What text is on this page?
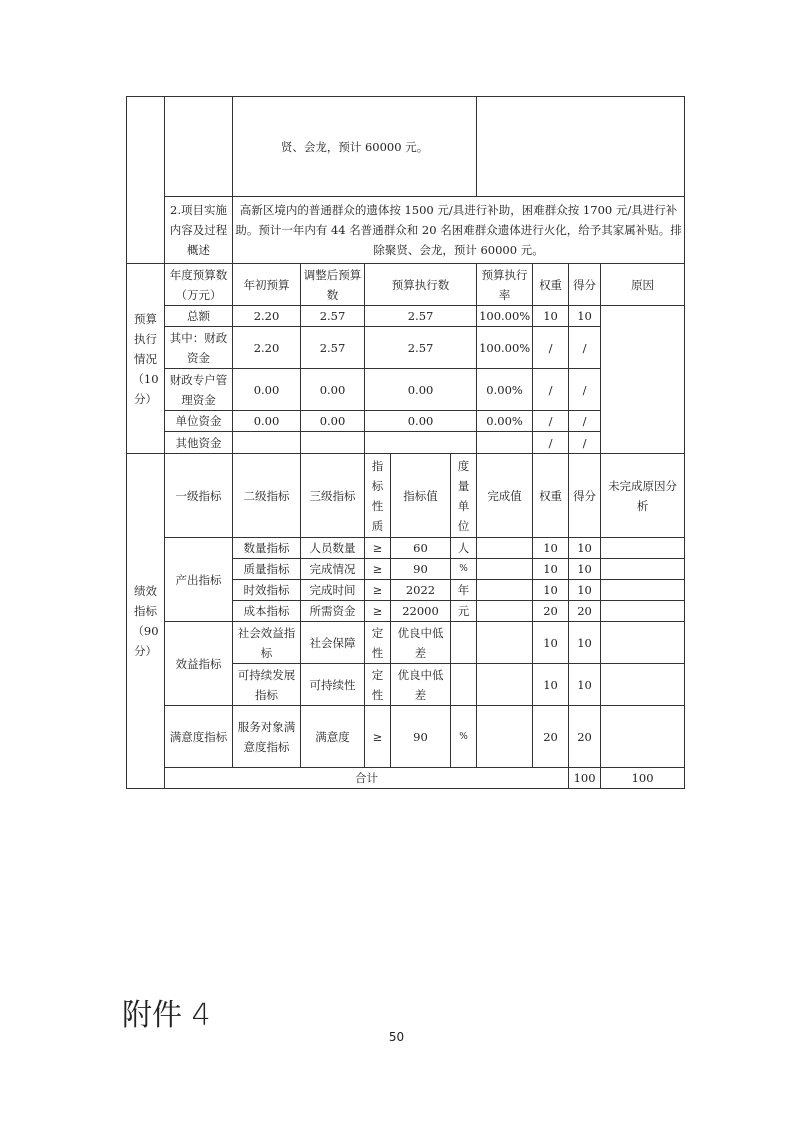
		贤、会龙，预计 60000 元。									
	2.项目实施内容及过程概述	高新区境内的普通群众的遗体按 1500 元/具进行补助，困难群众按 1700 元/具进行补助。预计一年内有 44 名普通群众和 20 名困难群众遗体进行火化，给予其家属补贴。排除聚贤、会龙，预计 60000 元。									
预算执行情况（10分）	年度预算数（万元）	年初预算	调整后预算数	预算执行数			预算执行率	权重	得分	原因	
	总额	2.20	2.57	2.57			100.00%	10	10		
	其中：财政资金	2.20	2.57	2.57			100.00%	/	/		
	财政专户管理资金	0.00	0.00	0.00			0.00%	/	/		
	单位资金	0.00	0.00	0.00			0.00%	/	/		
	其他资金							/	/		
绩效指标（90分）	一级指标	二级指标	三级指标	指标性质	指标值	度量单位	完成值	权重	得分	未完成原因分析	
	产出指标	数量指标	人员数量	≥	60	人		10	10		
		质量指标	完成情况	≥	90	%		10	10		
		时效指标	完成时间	≥	2022	年		10	10		
		成本指标	所需资金	≥	22000	元		20	20		
	效益指标	社会效益指标	社会保障	定性	优良中低差			10	10		
		可持续发展指标	可持续性	定性	优良中低差			10	10		
	满意度指标	服务对象满意度指标	满意度	≥	90	%		20	20		
	合计								100	100	
附件 4
50
